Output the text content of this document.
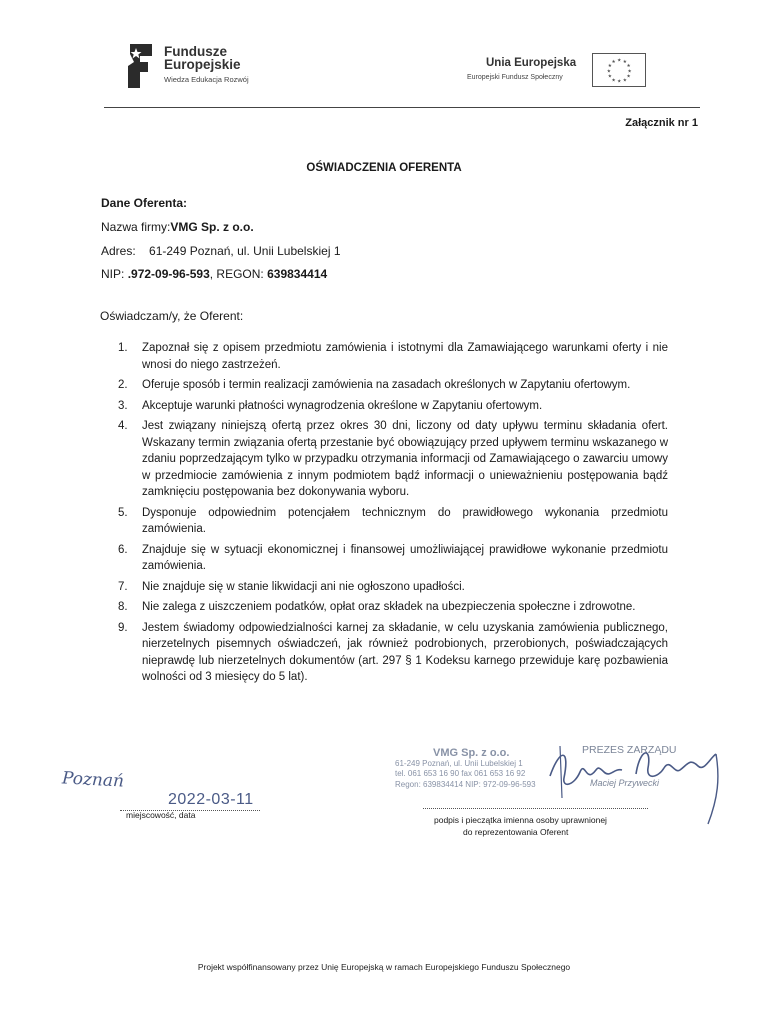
Fundusze
Europejskie
Wiedza Edukacja Rozwój
Unia Europejska
Europejski Fundusz Społeczny
★ ★
★
★
★
★
★
★
★
★
★
★
Załącznik nr 1
OŚWIADCZENIA OFERENTA
Dane Oferenta:
Nazwa firmy:VMG Sp. z o.o.
Adres: 61-249 Poznań, ul. Unii Lubelskiej 1
NIP: .972-09-96-593, REGON: 639834414
Oświadczam/y, że Oferent:
1. Zapoznał się z opisem przedmiotu zamówienia i istotnymi dla Zamawiającego warunkami oferty i nie wnosi do niego zastrzeżeń.
2. Oferuje sposób i termin realizacji zamówienia na zasadach określonych w Zapytaniu ofertowym.
3. Akceptuje warunki płatności wynagrodzenia określone w Zapytaniu ofertowym.
4. Jest związany niniejszą ofertą przez okres 30 dni, liczony od daty upływu terminu składania ofert. Wskazany termin związania ofertą przestanie być obowiązujący przed upływem terminu wskazanego w zdaniu poprzedzającym tylko w przypadku otrzymania informacji od Zamawiającego o zawarciu umowy w przedmiocie zamówienia z innym podmiotem bądź informacji o unieważnieniu postępowania bądź zamknięciu postępowania bez dokonywania wyboru.
5. Dysponuje odpowiednim potencjałem technicznym do prawidłowego wykonania przedmiotu zamówienia.
6. Znajduje się w sytuacji ekonomicznej i finansowej umożliwiającej prawidłowe wykonanie przedmiotu zamówienia.
7. Nie znajduje się w stanie likwidacji ani nie ogłoszono upadłości.
8. Nie zalega z uiszczeniem podatków, opłat oraz składek na ubezpieczenia społeczne i zdrowotne.
9. Jestem świadomy odpowiedzialności karnej za składanie, w celu uzyskania zamówienia publicznego, nierzetelnych pisemnych oświadczeń, jak również podrobionych, przerobionych, poświadczających nieprawdę lub nierzetelnych dokumentów (art. 297 § 1 Kodeksu karnego przewiduje karę pozbawienia wolności od 3 miesięcy do 5 lat).
Poznań
2022-03-11
miejscowość, data
VMG Sp. z o.o.
61-249 Poznań, ul. Unii Lubelskiej 1
tel. 061 653 16 90 fax 061 653 16 92
Regon: 639834414 NIP: 972-09-96-593
PREZES ZARZĄDU
Maciej Przywecki
podpis i pieczątka imienna osoby uprawnionej
do reprezentowania Oferent
Projekt współfinansowany przez Unię Europejską w ramach Europejskiego Funduszu Społecznego
